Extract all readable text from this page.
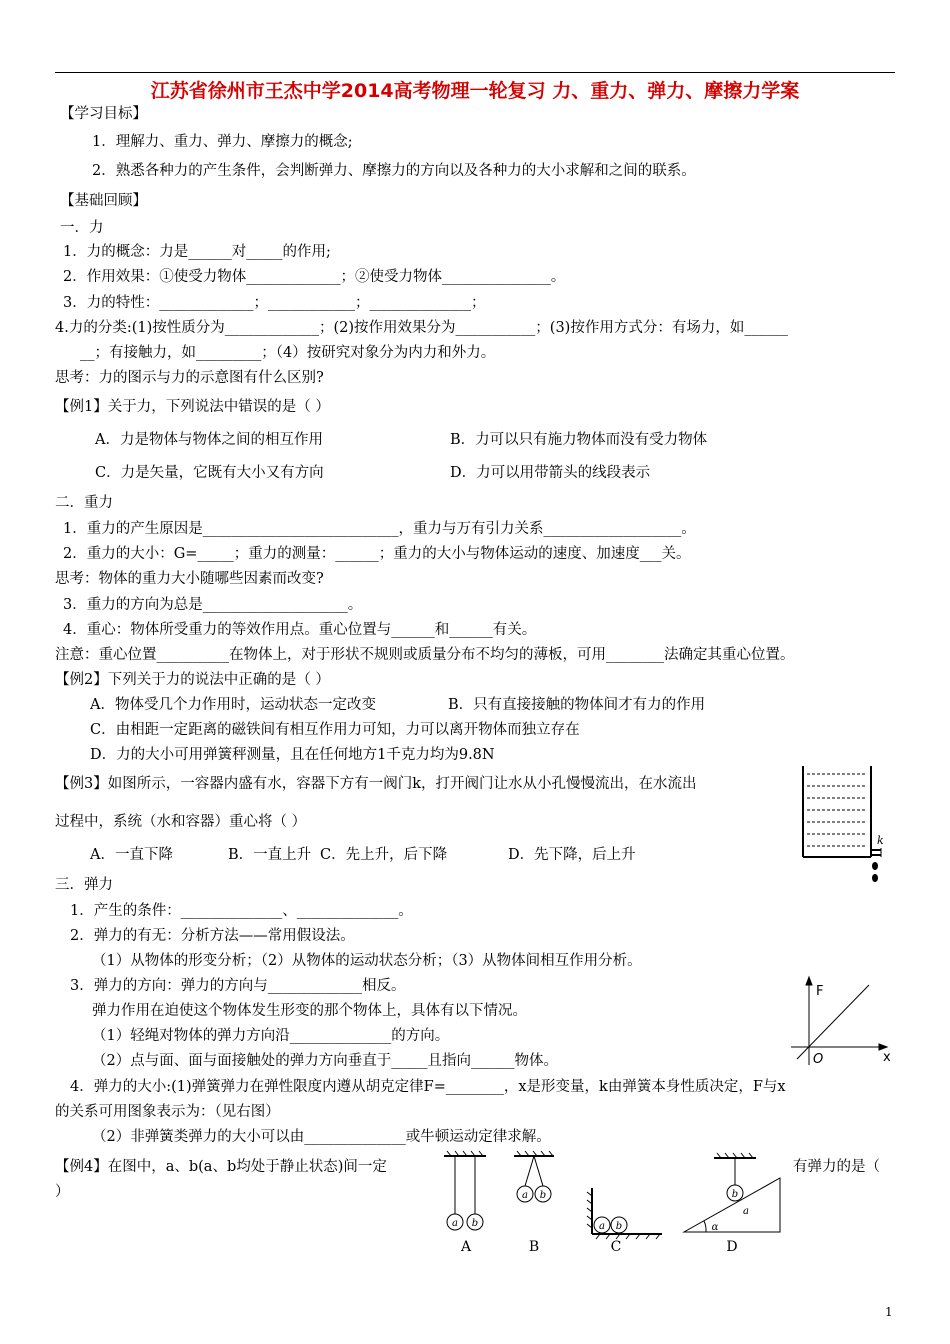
江苏省徐州市王杰中学2014高考物理一轮复习 力、重力、弹力、摩擦力学案
【学习目标】
1．理解力、重力、弹力、摩擦力的概念;
2．熟悉各种力的产生条件，会判断弹力、摩擦力的方向以及各种力的大小求解和之间的联系。
【基础回顾】
一．力
1．力的概念：力是______对_____的作用;
2．作用效果：①使受力物体_____________；②使受力物体_______________。
3．力的特性：_____________；____________；______________；
4.力的分类:(1)按性质分为_____________；(2)按作用效果分为___________；(3)按作用方式分：有场力，如______
__；有接触力，如_________；（4）按研究对象分为内力和外力。
思考：力的图示与力的示意图有什么区别?
【例1】关于力，下列说法中错误的是（ ）
A．力是物体与物体之间的相互作用	B．力可以只有施力物体而没有受力物体
C．力是矢量，它既有大小又有方向	D．力可以用带箭头的线段表示
二．重力
1．重力的产生原因是___________________________，重力与万有引力关系___________________。
2．重力的大小：G=_____；重力的测量：______；重力的大小与物体运动的速度、加速度___关。
思考：物体的重力大小随哪些因素而改变?
3．重力的方向为总是____________________。
4．重心：物体所受重力的等效作用点。重心位置与______和______有关。
注意：重心位置__________在物体上，对于形状不规则或质量分布不均匀的薄板，可用________法确定其重心位置。
【例2】下列关于力的说法中正确的是（ ）
A．物体受几个力作用时，运动状态一定改变	B．只有直接接触的物体间才有力的作用
C．由相距一定距离的磁铁间有相互作用力可知，力可以离开物体而独立存在
D．力的大小可用弹簧秤测量，且在任何地方1千克力均为9.8N
【例3】如图所示，一容器内盛有水，容器下方有一阀门k，打开阀门让水从小孔慢慢流出，在水流出
过程中，系统（水和容器）重心将（ ）
A．一直下降	B．一直上升 C．先上升，后下降	D．先下降，后上升
三．弹力
1．产生的条件：______________、______________。
2．弹力的有无：分析方法——常用假设法。
（1）从物体的形变分析；（2）从物体的运动状态分析；（3）从物体间相互作用分析。
3．弹力的方向：弹力的方向与_____________相反。
弹力作用在迫使这个物体发生形变的那个物体上，具体有以下情况。
（1）轻绳对物体的弹力方向沿______________的方向。
（2）点与面、面与面接触处的弹力方向垂直于_____且指向______物体。
4．弹力的大小:(1)弹簧弹力在弹性限度内遵从胡克定律F=________，x是形变量，k由弹簧本身性质决定，F与x
的关系可用图象表示为：（见右图）
（2）非弹簧类弹力的大小可以由______________或牛顿运动定律求解。
【例4】在图中，a、b(a、b均处于静止状态)间一定	有弹力的是（
）
k
F
x
O
a b
a b
a b
b
a
α
A	B	C	D
1
